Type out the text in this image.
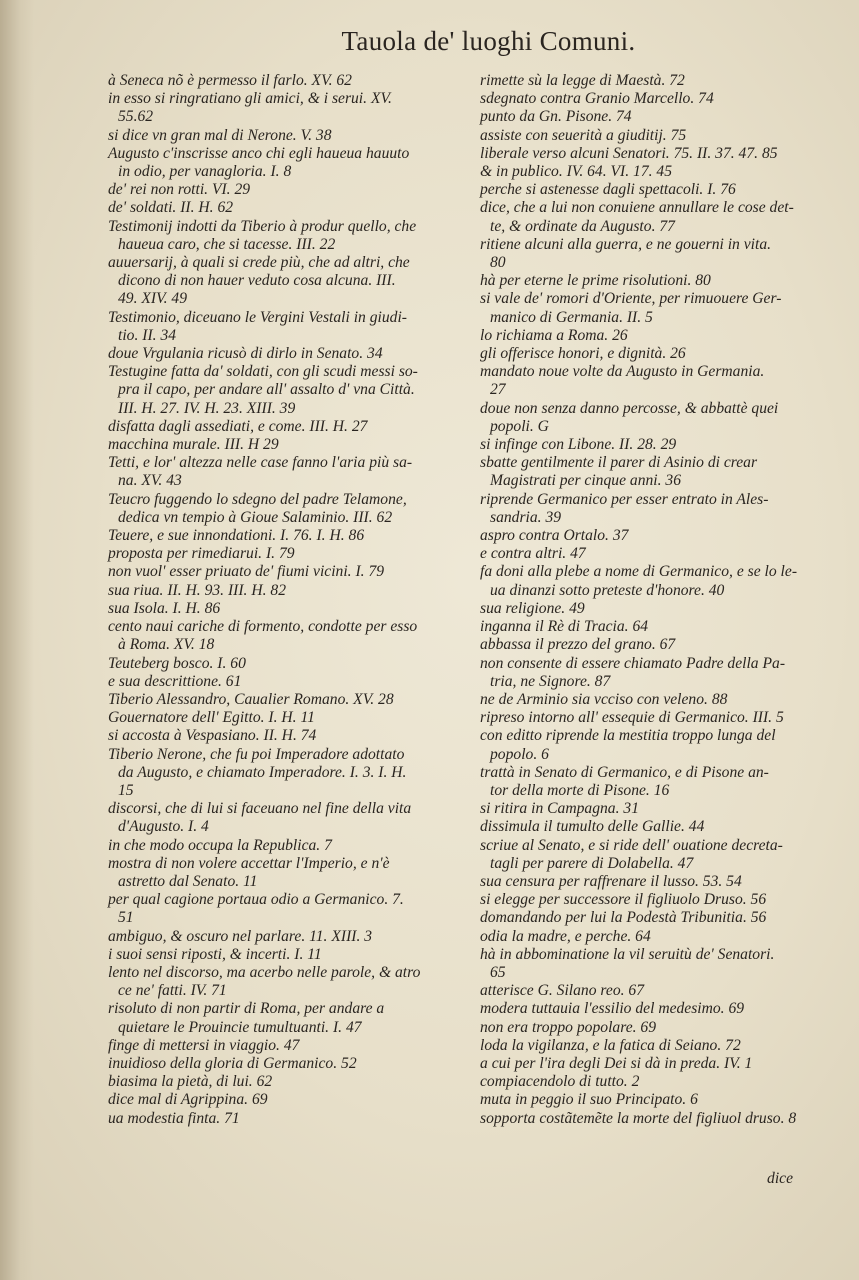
Tauola de' luoghi Comuni.
à Seneca nõ è permesso il farlo. XV. 62
in esso si ringratiano gli amici, & i serui. XV.
55.62
si dice vn gran mal di Nerone. V. 38
Augusto c'inscrisse anco chi egli haueua hauuto
in odio, per vanagloria. I. 8
de' rei non rotti. VI. 29
de' soldati. II. H. 62
Testimonij indotti da Tiberio à produr quello, che
haueua caro, che si tacesse. III. 22
auuersarij, à quali si crede più, che ad altri, che
dicono di non hauer veduto cosa alcuna. III.
49. XIV. 49
Testimonio, diceuano le Vergini Vestali in giudi-
tio. II. 34
doue Vrgulania ricusò di dirlo in Senato. 34
Testugine fatta da' soldati, con gli scudi messi so-
pra il capo, per andare all' assalto d' vna Città.
III. H. 27. IV. H. 23. XIII. 39
disfatta dagli assediati, e come. III. H. 27
macchina murale. III. H 29
Tetti, e lor' altezza nelle case fanno l'aria più sa-
na. XV. 43
Teucro fuggendo lo sdegno del padre Telamone,
dedica vn tempio à Gioue Salaminio. III. 62
Teuere, e sue innondationi. I. 76. I. H. 86
proposta per rimediarui. I. 79
non vuol' esser priuato de' fiumi vicini. I. 79
sua riua. II. H. 93. III. H. 82
sua Isola. I. H. 86
cento naui cariche di formento, condotte per esso
à Roma. XV. 18
Teuteberg bosco. I. 60
e sua descrittione. 61
Tiberio Alessandro, Caualier Romano. XV. 28
Gouernatore dell' Egitto. I. H. 11
si accosta à Vespasiano. II. H. 74
Tiberio Nerone, che fu poi Imperadore adottato
da Augusto, e chiamato Imperadore. I. 3. I. H.
15
discorsi, che di lui si faceuano nel fine della vita
d'Augusto. I. 4
in che modo occupa la Republica. 7
mostra di non volere accettar l'Imperio, e n'è
astretto dal Senato. 11
per qual cagione portaua odio a Germanico. 7.
51
ambiguo, & oscuro nel parlare. 11. XIII. 3
i suoi sensi riposti, & incerti. I. 11
lento nel discorso, ma acerbo nelle parole, & atro
ce ne' fatti. IV. 71
risoluto di non partir di Roma, per andare a
quietare le Prouincie tumultuanti. I. 47
finge di mettersi in viaggio. 47
inuidioso della gloria di Germanico. 52
biasima la pietà, di lui. 62
dice mal di Agrippina. 69
ua modestia finta. 71
rimette sù la legge di Maestà. 72
sdegnato contra Granio Marcello. 74
punto da Gn. Pisone. 74
assiste con seuerità a giuditij. 75
liberale verso alcuni Senatori. 75. II. 37. 47. 85
& in publico. IV. 64. VI. 17. 45
perche si astenesse dagli spettacoli. I. 76
dice, che a lui non conuiene annullare le cose det-
te, & ordinate da Augusto. 77
ritiene alcuni alla guerra, e ne gouerni in vita.
80
hà per eterne le prime risolutioni. 80
si vale de' romori d'Oriente, per rimuouere Ger-
manico di Germania. II. 5
lo richiama a Roma. 26
gli offerisce honori, e dignità. 26
mandato noue volte da Augusto in Germania.
27
doue non senza danno percosse, & abbattè quei
popoli. G
si infinge con Libone. II. 28. 29
sbatte gentilmente il parer di Asinio di crear
Magistrati per cinque anni. 36
riprende Germanico per esser entrato in Ales-
sandria. 39
aspro contra Ortalo. 37
e contra altri. 47
fa doni alla plebe a nome di Germanico, e se lo le-
ua dinanzi sotto preteste d'honore. 40
sua religione. 49
inganna il Rè di Tracia. 64
abbassa il prezzo del grano. 67
non consente di essere chiamato Padre della Pa-
tria, ne Signore. 87
ne de Arminio sia vcciso con veleno. 88
ripreso intorno all' essequie di Germanico. III. 5
con editto riprende la mestitia troppo lunga del
popolo. 6
trattà in Senato di Germanico, e di Pisone an-
tor della morte di Pisone. 16
si ritira in Campagna. 31
dissimula il tumulto delle Gallie. 44
scriue al Senato, e si ride dell' ouatione decreta-
tagli per parere di Dolabella. 47
sua censura per raffrenare il lusso. 53. 54
si elegge per successore il figliuolo Druso. 56
domandando per lui la Podestà Tribunitia. 56
odia la madre, e perche. 64
hà in abbominatione la vil seruitù de' Senatori.
65
atterisce G. Silano reo. 67
modera tuttauia l'essilio del medesimo. 69
non era troppo popolare. 69
loda la vigilanza, e la fatica di Seiano. 72
a cui per l'ira degli Dei si dà in preda. IV. 1
compiacendolo di tutto. 2
muta in peggio il suo Principato. 6
sopporta costãtemẽte la morte del figliuol druso. 8
dice
